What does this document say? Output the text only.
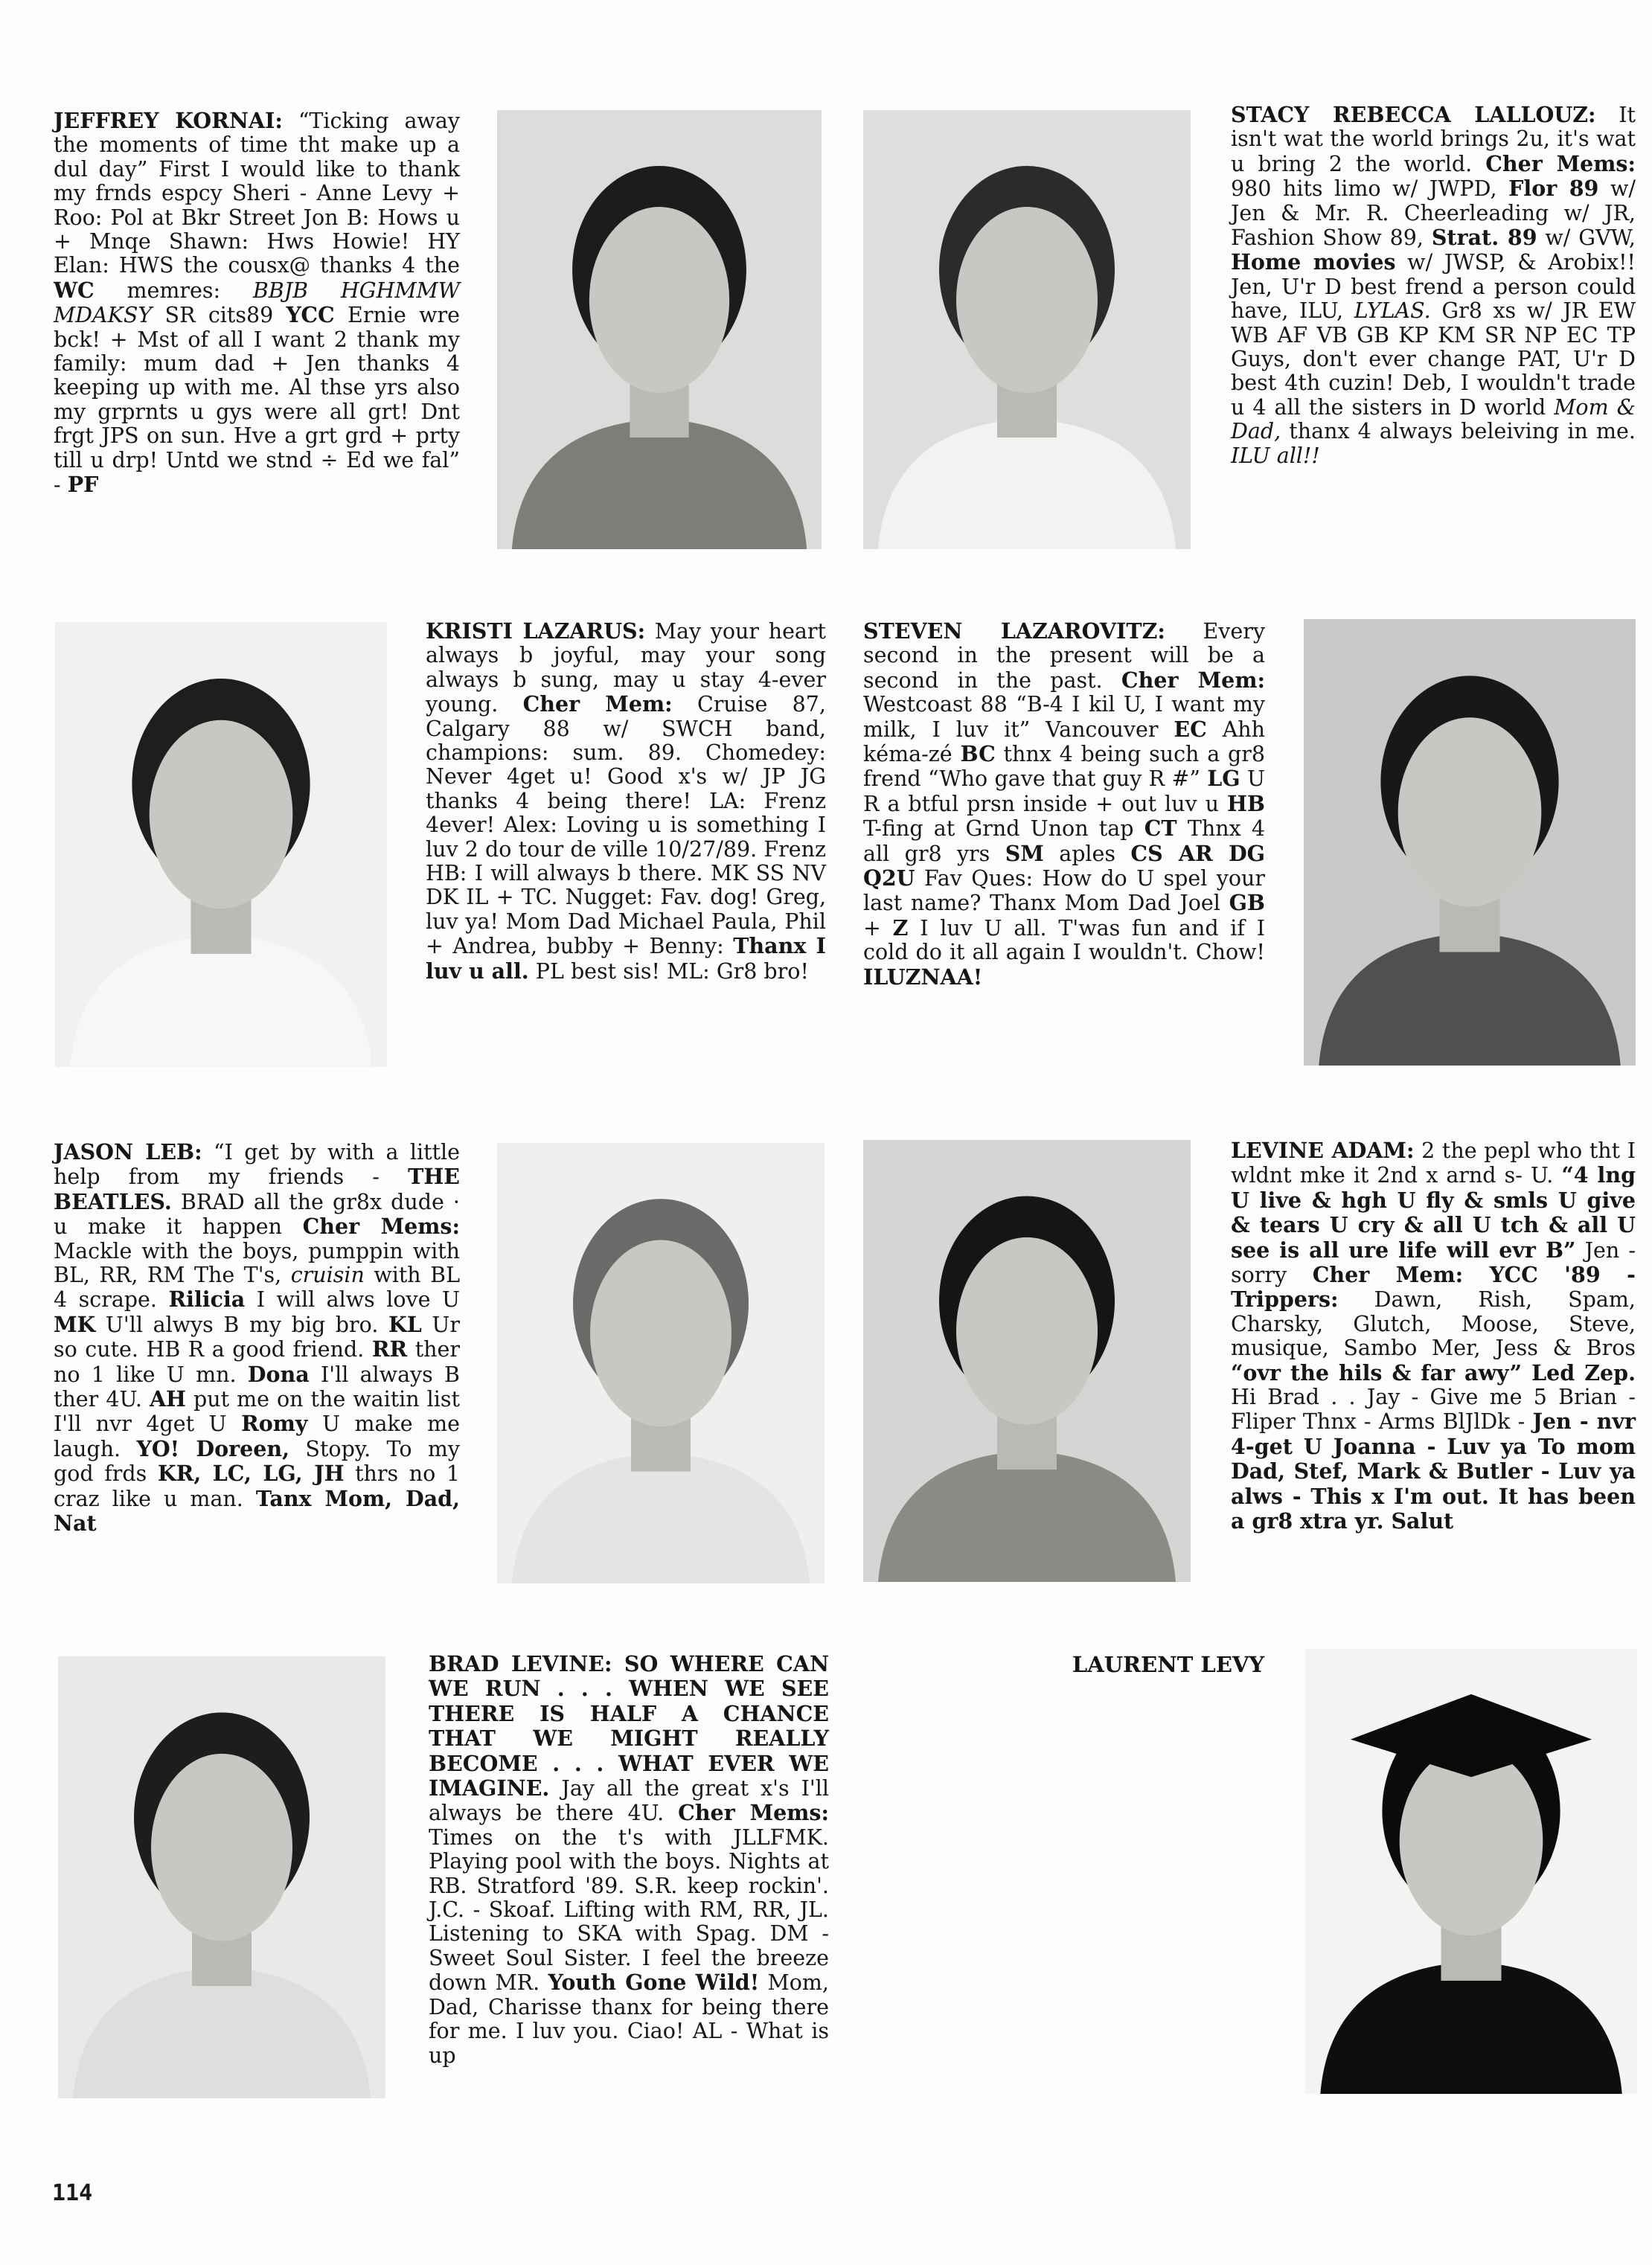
JEFFREY KORNAI: “Ticking away the moments of time tht make up a dul day” First I would like to thank my frnds espcy Sheri - Anne Levy + Roo: Pol at Bkr Street Jon B: Hows u + Mnqe Shawn: Hws Howie! HY Elan: HWS the cousx@ thanks 4 the WC memres: BBJB HGHMMW MDAKSY SR cits89 YCC Ernie wre bck! + Mst of all I want 2 thank my family: mum dad + Jen thanks 4 keeping up with me. Al thse yrs also my grprnts u gys were all grt! Dnt frgt JPS on sun. Hve a grt grd + prty till u drp! Untd we stnd ÷ Ed we fal” - PF
STACY REBECCA LALLOUZ: It isn't wat the world brings 2u, it's wat u bring 2 the world. Cher Mems: 980 hits limo w/ JWPD, Flor 89 w/ Jen & Mr. R. Cheerleading w/ JR, Fashion Show 89, Strat. 89 w/ GVW, Home movies w/ JWSP, & Arobix!! Jen, U'r D best frend a person could have, ILU, LYLAS. Gr8 xs w/ JR EW WB AF VB GB KP KM SR NP EC TP Guys, don't ever change PAT, U'r D best 4th cuzin! Deb, I wouldn't trade u 4 all the sisters in D world Mom & Dad, thanx 4 always beleiving in me. ILU all!!
KRISTI LAZARUS: May your heart always b joyful, may your song always b sung, may u stay 4-ever young. Cher Mem: Cruise 87, Calgary 88 w/ SWCH band, champions: sum. 89. Chomedey: Never 4get u! Good x's w/ JP JG thanks 4 being there! LA: Frenz 4ever! Alex: Loving u is something I luv 2 do tour de ville 10/27/89. Frenz HB: I will always b there. MK SS NV DK IL + TC. Nugget: Fav. dog! Greg, luv ya! Mom Dad Michael Paula, Phil + Andrea, bubby + Benny: Thanx I luv u all. PL best sis! ML: Gr8 bro!
STEVEN LAZAROVITZ: Every second in the present will be a second in the past. Cher Mem: Westcoast 88 “B-4 I kil U, I want my milk, I luv it” Vancouver EC Ahh kéma-zé BC thnx 4 being such a gr8 frend “Who gave that guy R #” LG U R a btful prsn inside + out luv u HB T-fing at Grnd Unon tap CT Thnx 4 all gr8 yrs SM aples CS AR DG Q2U Fav Ques: How do U spel your last name? Thanx Mom Dad Joel GB + Z I luv U all. T'was fun and if I cold do it all again I wouldn't. Chow! ILUZNAA!
JASON LEB: “I get by with a little help from my friends - THE BEATLES. BRAD all the gr8x dude · u make it happen Cher Mems: Mackle with the boys, pumppin with BL, RR, RM The T's, cruisin with BL 4 scrape. Rilicia I will alws love U MK U'll alwys B my big bro. KL Ur so cute. HB R a good friend. RR ther no 1 like U mn. Dona I'll always B ther 4U. AH put me on the waitin list I'll nvr 4get U Romy U make me laugh. YO! Doreen, Stopy. To my god frds KR, LC, LG, JH thrs no 1 craz like u man. Tanx Mom, Dad, Nat
LEVINE ADAM: 2 the pepl who tht I wldnt mke it 2nd x arnd s- U. “4 lng U live & hgh U fly & smls U give & tears U cry & all U tch & all U see is all ure life will evr B” Jen - sorry Cher Mem: YCC '89 - Trippers: Dawn, Rish, Spam, Charsky, Glutch, Moose, Steve, musique, Sambo Mer, Jess & Bros “ovr the hils & far awy” Led Zep. Hi Brad . . Jay - Give me 5 Brian - Fliper Thnx - Arms BlJlDk - Jen - nvr 4-get U Joanna - Luv ya To mom Dad, Stef, Mark & Butler - Luv ya alws - This x I'm out. It has been a gr8 xtra yr. Salut
BRAD LEVINE: SO WHERE CAN WE RUN . . . WHEN WE SEE THERE IS HALF A CHANCE THAT WE MIGHT REALLY BECOME . . . WHAT EVER WE IMAGINE. Jay all the great x's I'll always be there 4U. Cher Mems: Times on the t's with JLLFMK. Playing pool with the boys. Nights at RB. Stratford '89. S.R. keep rockin'. J.C. - Skoaf. Lifting with RM, RR, JL. Listening to SKA with Spag. DM - Sweet Soul Sister. I feel the breeze down MR. Youth Gone Wild! Mom, Dad, Charisse thanx for being there for me. I luv you. Ciao! AL - What is up
LAURENT LEVY
114
